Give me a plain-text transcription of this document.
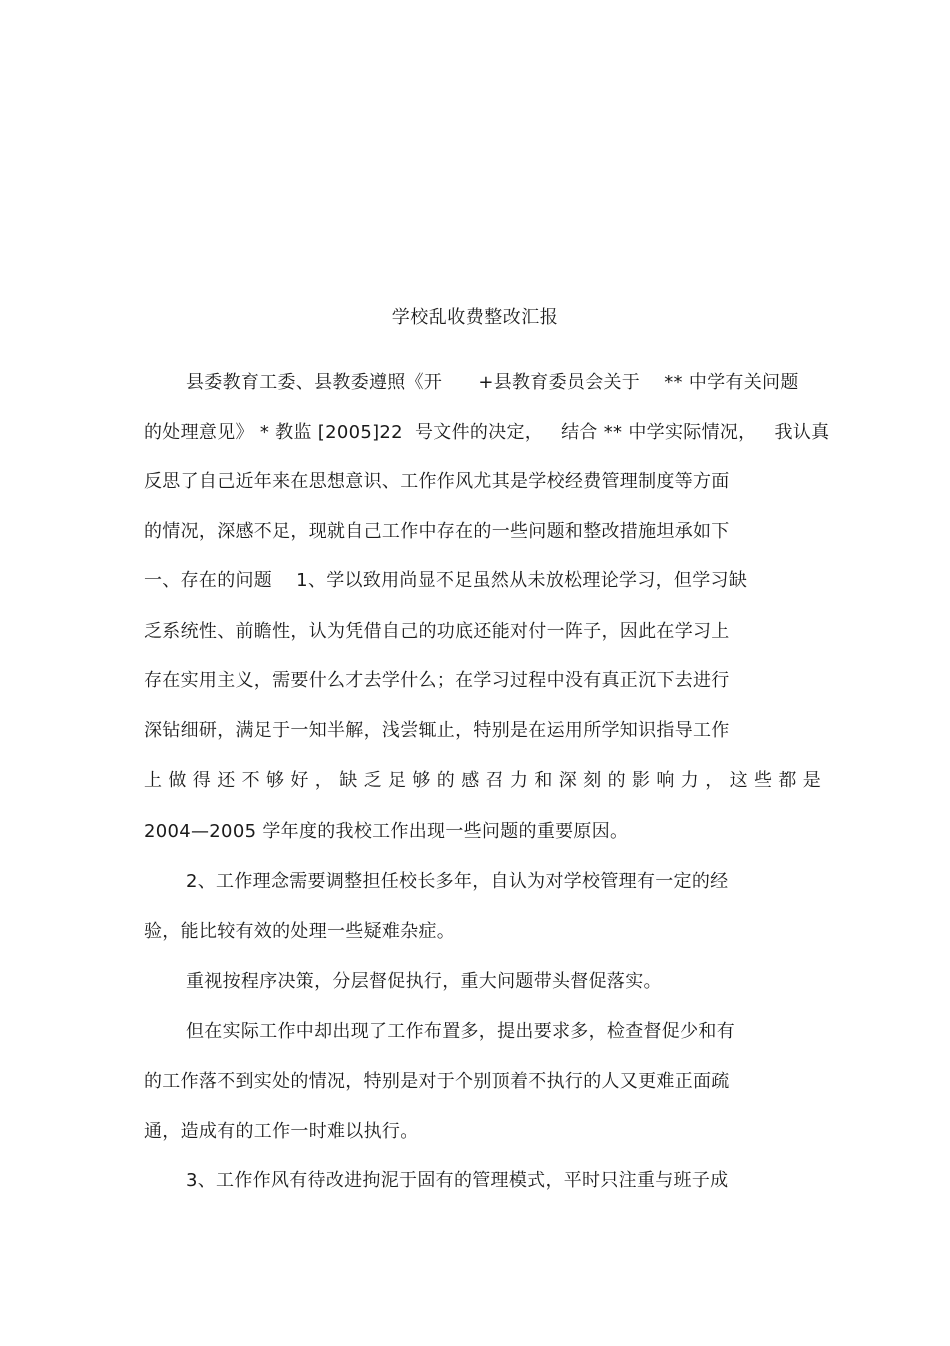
学校乱收费整改汇报
县委教育工委、县教委遵照《开      +县教育委员会关于    ** 中学有关问题
的处理意见》 * 教监 [2005]22  号文件的决定，   结合 ** 中学实际情况，   我认真
反思了自己近年来在思想意识、工作作风尤其是学校经费管理制度等方面
的情况，深感不足，现就自己工作中存在的一些问题和整改措施坦承如下
一、存在的问题    1、学以致用尚显不足虽然从未放松理论学习，但学习缺
乏系统性、前瞻性，认为凭借自己的功底还能对付一阵子，因此在学习上
存在实用主义，需要什么才去学什么；在学习过程中没有真正沉下去进行
深钻细研，满足于一知半解，浅尝辄止，特别是在运用所学知识指导工作
上做得还不够好，缺乏足够的感召力和深刻的影响力，这些都是
2004—2005 学年度的我校工作出现一些问题的重要原因。
2、工作理念需要调整担任校长多年，自认为对学校管理有一定的经
验，能比较有效的处理一些疑难杂症。
重视按程序决策，分层督促执行，重大问题带头督促落实。
但在实际工作中却出现了工作布置多，提出要求多，检查督促少和有
的工作落不到实处的情况，特别是对于个别顶着不执行的人又更难正面疏
通，造成有的工作一时难以执行。
3、工作作风有待改进拘泥于固有的管理模式，平时只注重与班子成
